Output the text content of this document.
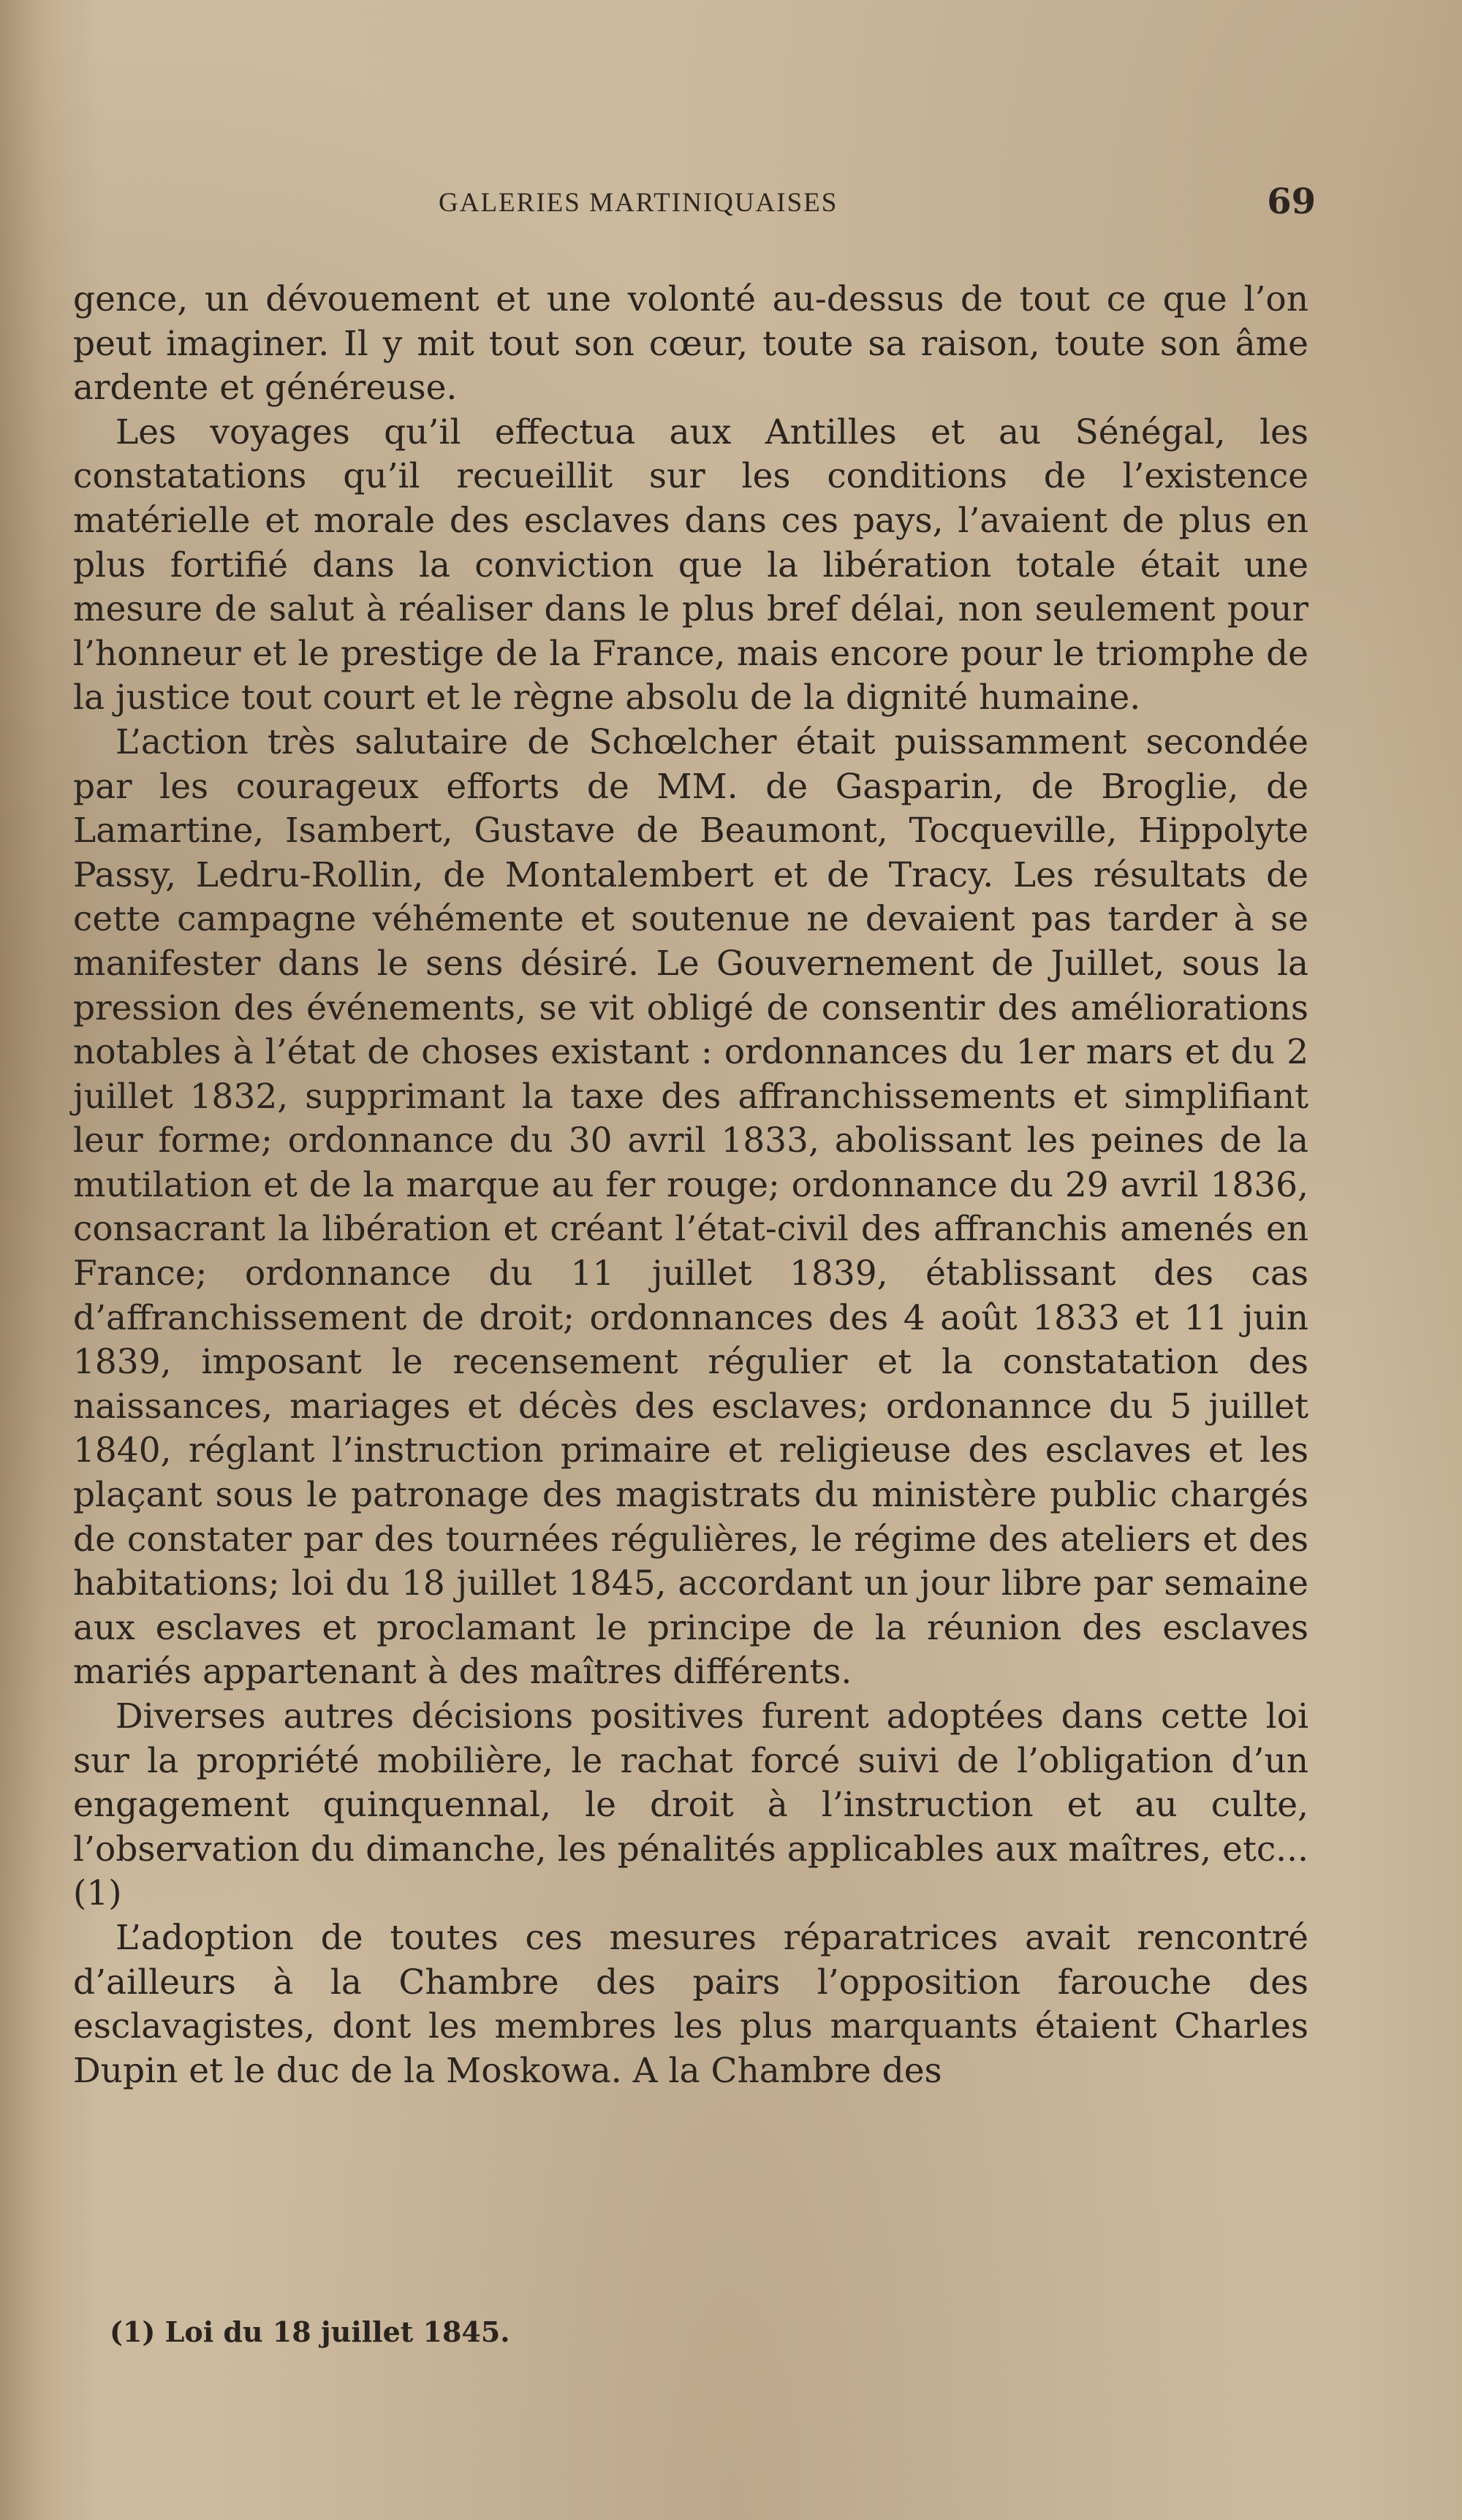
GALERIES MARTINIQUAISES	69

gence, un dévouement et une volonté au-dessus de tout ce que l’on peut imaginer. Il y mit tout son cœur, toute sa raison, toute son âme ardente et généreuse.

Les voyages qu’il effectua aux Antilles et au Sénégal, les constatations qu’il recueillit sur les conditions de l’existence matérielle et morale des esclaves dans ces pays, l’avaient de plus en plus fortifié dans la conviction que la libération totale était une mesure de salut à réaliser dans le plus bref délai, non seulement pour l’honneur et le prestige de la France, mais encore pour le triomphe de la justice tout court et le règne absolu de la dignité humaine.

L’action très salutaire de Schœlcher était puissamment secondée par les courageux efforts de MM. de Gasparin, de Broglie, de Lamartine, Isambert, Gustave de Beaumont, Tocqueville, Hippolyte Passy, Ledru-Rollin, de Montalembert et de Tracy. Les résultats de cette campagne véhémente et soutenue ne devaient pas tarder à se manifester dans le sens désiré. Le Gouvernement de Juillet, sous la pression des événements, se vit obligé de consentir des améliorations notables à l’état de choses existant : ordonnances du 1er mars et du 2 juillet 1832, supprimant la taxe des affranchissements et simplifiant leur forme; ordonnance du 30 avril 1833, abolissant les peines de la mutilation et de la marque au fer rouge; ordonnance du 29 avril 1836, consacrant la libération et créant l’état-civil des affranchis amenés en France; ordonnance du 11 juillet 1839, établissant des cas d’affranchissement de droit; ordonnances des 4 août 1833 et 11 juin 1839, imposant le recensement régulier et la constatation des naissances, mariages et décès des esclaves; ordonannce du 5 juillet 1840, réglant l’instruction primaire et religieuse des esclaves et les plaçant sous le patronage des magistrats du ministère public chargés de constater par des tournées régulières, le régime des ateliers et des habitations; loi du 18 juillet 1845, accordant un jour libre par semaine aux esclaves et proclamant le principe de la réunion des esclaves mariés appartenant à des maîtres différents.

Diverses autres décisions positives furent adoptées dans cette loi sur la propriété mobilière, le rachat forcé suivi de l’obligation d’un engagement quinquennal, le droit à l’instruction et au culte, l’observation du dimanche, les pénalités applicables aux maîtres, etc... (1)

L’adoption de toutes ces mesures réparatrices avait rencontré d’ailleurs à la Chambre des pairs l’opposition farouche des esclavagistes, dont les membres les plus marquants étaient Charles Dupin et le duc de la Moskowa. A la Chambre des

(1) Loi du 18 juillet 1845.
